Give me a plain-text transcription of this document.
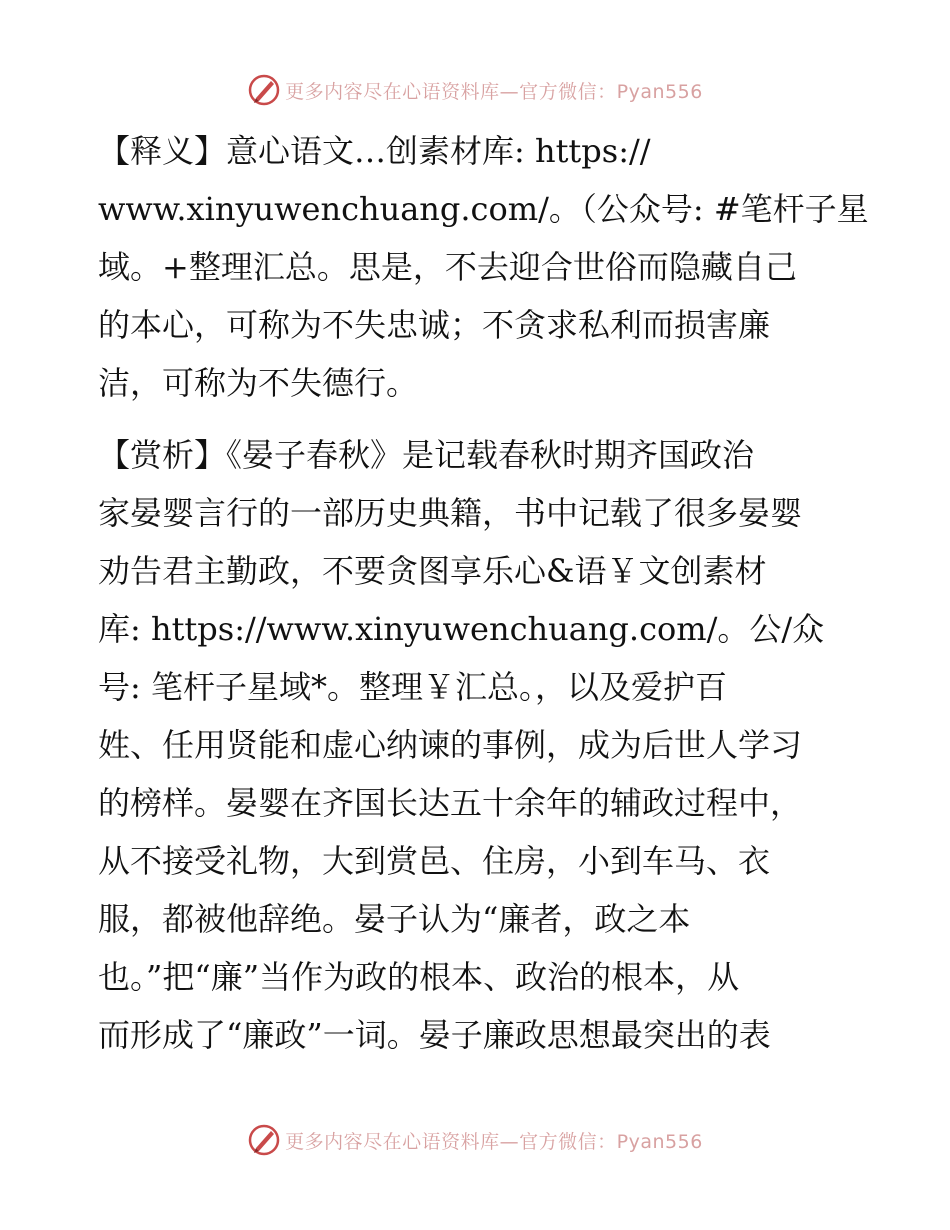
更多内容尽在心语资料库—官方微信：Pyan556
【释义】意心语文…创素材库: https://
www.xinyuwenchuang.com/。（公众号: #笔杆子星
域。+整理汇总。思是，不去迎合世俗而隐藏自己
的本心，可称为不失忠诚；不贪求私利而损害廉
洁，可称为不失德行。
【赏析】《晏子春秋》是记载春秋时期齐国政治
家晏婴言行的一部历史典籍，书中记载了很多晏婴
劝告君主勤政，不要贪图享乐心&语￥文创素材
库: https://www.xinyuwenchuang.com/。公/众
号: 笔杆子星域*。整理￥汇总。，以及爱护百
姓、任用贤能和虚心纳谏的事例，成为后世人学习
的榜样。晏婴在齐国长达五十余年的辅政过程中，
从不接受礼物，大到赏邑、住房，小到车马、衣
服，都被他辞绝。晏子认为“廉者，政之本
也。”把“廉”当作为政的根本、政治的根本，从
而形成了“廉政”一词。晏子廉政思想最突出的表
更多内容尽在心语资料库—官方微信：Pyan556
